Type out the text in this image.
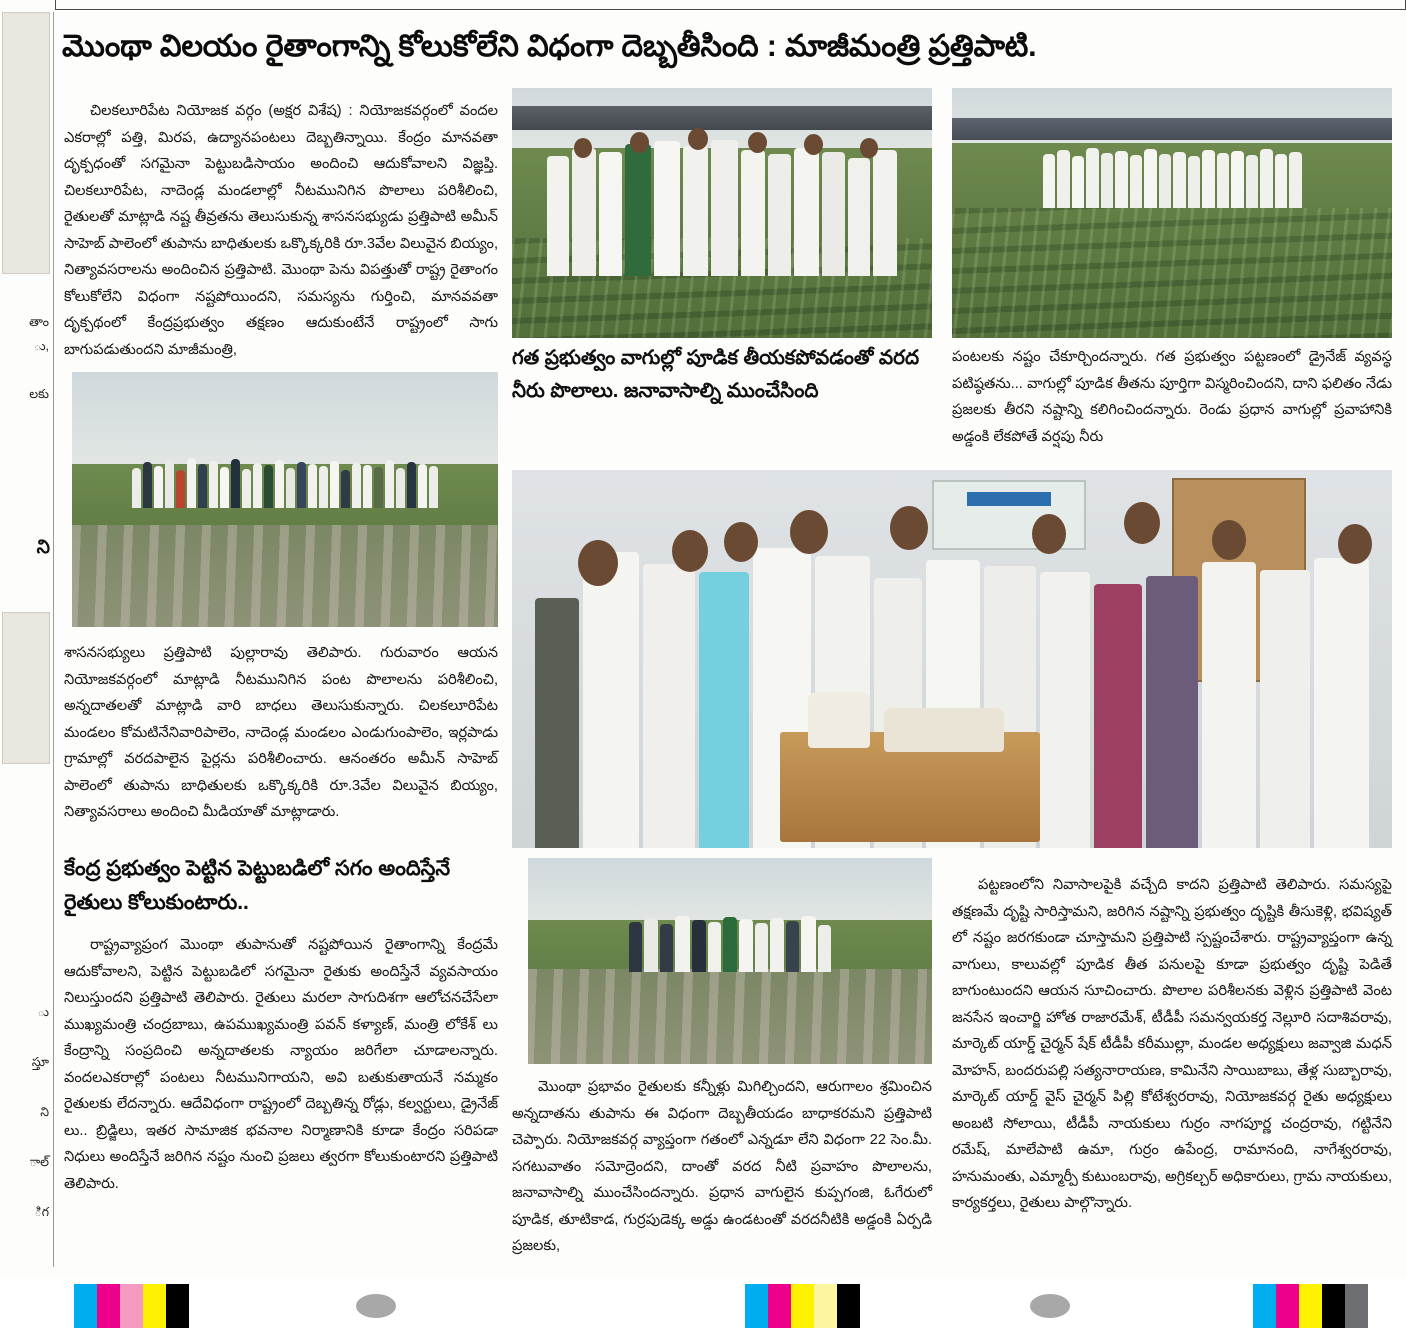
తాం
ు,
లకు
ని
ు
స్తూ
ని
ాల్
ిగ
మొంథా విలయం రైతాంగాన్ని కోలుకోలేని విధంగా దెబ్బతీసింది : మాజీమంత్రి ప్రత్తిపాటి.
చిలకలూరిపేట నియోజక వర్గం (అక్షర విశేష) : నియోజకవర్గంలో వందల ఎకరాల్లో పత్తి, మిరప, ఉద్యానపంటలు దెబ్బతిన్నాయి. కేంద్రం మానవతా దృక్పధంతో సగమైనా పెట్టుబడిసాయం అందించి ఆదుకోవాలని విజ్ఞప్తి. చిలకలూరిపేట, నాదెండ్ల మండలాల్లో నీటమునిగిన పొలాలు పరిశీలించి, రైతులతో మాట్లాడి నష్ట తీవ్రతను తెలుసుకున్న శాసనసభ్యుడు ప్రత్తిపాటి అమీన్ సాహెబ్ పాలెంలో తుపాను బాధితులకు ఒక్కొక్కరికి రూ.3వేల విలువైన బియ్యం, నిత్యావసరాలను అందించిన ప్రత్తిపాటి. మొంథా పెను విపత్తుతో రాష్ట్ర రైతాంగం కోలుకోలేని విధంగా నష్టపోయిందని, సమస్యను గుర్తించి, మానవవతా దృక్పథంలో కేంద్రప్రభుత్వం తక్షణం ఆదుకుంటేనే రాష్ట్రంలో సాగు బాగుపడుతుందని మాజీమంత్రి,
శాసనసభ్యులు ప్రత్తిపాటి పుల్లారావు తెలిపారు. గురువారం ఆయన నియోజకవర్గంలో మాట్లాడి నీటమునిగిన పంట పొలాలను పరిశీలించి, అన్నదాతలతో మాట్లాడి వారి బాధలు తెలుసుకున్నారు. చిలకలూరిపేట మండలం కోమటినేనివారిపాలెం, నాదెండ్ల మండలం ఎండుగుంపాలెం, ఇర్లపాడు గ్రామాల్లో వరదపాలైన పైర్లను పరిశీలించారు. ఆనంతరం అమీన్ సాహెబ్ పాలెంలో తుపాను బాధితులకు ఒక్కొక్కరికి రూ.3వేల విలువైన బియ్యం, నిత్యావసరాలు అందించి మీడియాతో మాట్లాడారు.
కేంద్ర ప్రభుత్వం పెట్టిన పెట్టుబడిలో సగం అందిస్తేనే రైతులు కోలుకుంటారు..
రాష్ట్రవ్యాప్రంగ మొంథా తుపానుతో నష్టపోయిన రైతాంగాన్ని కేంద్రమే ఆదుకోవాలని, పెట్టిన పెట్టుబడిలో సగమైనా రైతుకు అందిస్తేనే వ్యవసాయం నిలుస్తుందని ప్రత్తిపాటి తెలిపారు. రైతులు మరలా సాగుదిశగా ఆలోచనచేసేలా ముఖ్యమంత్రి చంద్రబాబు, ఉపముఖ్యమంత్రి పవన్ కళ్యాణ్, మంత్రి లోకేశ్ లు కేంద్రాన్ని సంప్రదించి అన్నదాతలకు న్యాయం జరిగేలా చూడాలన్నారు. వందలఎకరాల్లో పంటలు నీటమునిగాయని, అవి బతుకుతాయనే నమ్మకం రైతులకు లేదన్నారు. ఆదేవిధంగా రాష్ట్రంలో దెబ్బతిన్న రోడ్లు, కల్వర్టులు, డ్రైనేజ్ లు.. బ్రిడ్జిలు, ఇతర సామాజిక భవనాల నిర్మాణానికి కూడా కేంద్రం సరిపడా నిధులు అందిస్తేనే జరిగిన నష్టం నుంచి ప్రజలు త్వరగా కోలుకుంటారని ప్రత్తిపాటి తెలిపారు.
గత ప్రభుత్వం వాగుల్లో పూడిక తీయకపోవడంతో వరద నీరు పొలాలు. జనావాసాల్ని ముంచేసింది
మొంథా ప్రభావం రైతులకు కన్నీళ్లు మిగిల్చిందని, ఆరుగాలం శ్రమించిన అన్నదాతను తుపాను ఈ విధంగా దెబ్బతీయడం బాధాకరమని ప్రత్తిపాటి చెప్పారు. నియోజకవర్గ వ్యాప్తంగా గతంలో ఎన్నడూ లేని విధంగా 22 సెం.మీ. సగటువాతం సమోద్రెందని, దాంతో వరద నీటి ప్రవాహం పొలాలను, జనావాసాల్ని ముంచేసిందన్నారు. ప్రధాన వాగులైన కుప్పగంజి, ఓగేరులో పూడిక, తూటికాడ, గుర్రపుడెక్క అడ్డు ఉండటంతో వరదనీటికి అడ్డంకి ఏర్పడి ప్రజలకు,
పంటలకు నష్టం చేకూర్చిందన్నారు. గత ప్రభుత్వం పట్టణంలో డ్రైనేజ్ వ్యవస్థ పటిష్ఠతను... వాగుల్లో పూడిక తీతను పూర్తిగా విస్మరించిందని, దాని ఫలితం నేడు ప్రజలకు తీరని నష్టాన్ని కలిగించిందన్నారు. రెండు ప్రధాన వాగుల్లో ప్రవాహానికి అడ్డంకి లేకపోతే వర్షపు నీరు
పట్టణంలోని నివాసాలపైకి వచ్చేది కాదని ప్రత్తిపాటి తెలిపారు. సమస్యపై తక్షణమే దృష్టి సారిస్తామని, జరిగిన నష్టాన్ని ప్రభుత్వం దృష్టికి తీసుకెళ్లి, భవిష్యత్ లో నష్టం జరగకుండా చూస్తామని ప్రత్తిపాటి స్పష్టంచేశారు. రాష్ట్రవ్యాప్తంగా ఉన్న వాగులు, కాలువల్లో పూడిక తీత పనులపై కూడా ప్రభుత్వం దృష్టి పెడితే బాగుంటుందని ఆయన సూచించారు. పొలాల పరిశీలనకు వెళ్లిన ప్రత్తిపాటి వెంట జనసేన ఇంచార్జి హోత రాజారమేశ్, టీడీపీ సమన్వయకర్త నెల్లూరి సదాశివరావు, మార్కెట్ యార్డ్ చైర్మన్ షేక్ టీడీపీ కరీముల్లా, మండల అధ్యక్షులు జవ్వాజి మధన్ మోహన్, బందరుపల్లి సత్యనారాయణ, కామినేని సాయిబాబు, తేళ్ల సుబ్బారావు, మార్కెట్ యార్డ్ వైస్ చైర్మన్ పిల్లి కోటేశ్వరరావు, నియోజకవర్గ రైతు అధ్యక్షులు అంబటి సోలాయి, టీడీపీ నాయకులు గుర్రం నాగపూర్ణ చంద్రరావు, గట్టినేని రమేష్, మాలేపాటి ఉమా, గుర్రం ఉపేంద్ర, రామానంది, నాగేశ్వరరావు, హనుమంతు, ఎమ్మార్పీ కుటుంబరావు, అగ్రికల్చర్ అధికారులు, గ్రామ నాయకులు, కార్యకర్తలు, రైతులు పాల్గొన్నారు.
